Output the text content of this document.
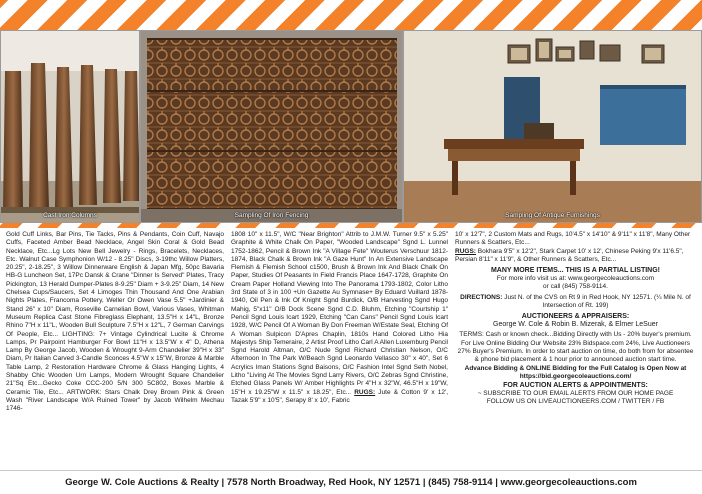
Cast Iron Columns	Sampling Of Iron Fencing	Sampling Of Antique Furnishings

Gold Cuff Links, Bar Pins, Tie Tacks, Pins & Pendants, Coin Cuff, Navajo Cuffs, Faceted Amber Bead Necklace, Angel Skin Coral & Gold Bead Necklace, Etc...Lg Lots New Bell Jewelry - Rings, Bracelets, Necklaces, Etc. Walnut Case Symphonion W/12 - 8.25" Discs, 3-19thc Willow Platters, 20.25", 2-18.25", 3 Willow Dinnerware English & Japan Mfg, 50pc Bavaria HB-G Luncheon Set, 17Pc Dansk & Crane "Dinner Is Served" Plates, Tracy Pickington, 13 Herald Dumper-Plates 8-9.25" Diam + 3-9.25" Diam, 14 New Chelsea Cups/Saucers, Set 4 Limoges Thin Thousand And One Arabian Nights Plates, Francoma Pottery, Weller Or Owen Vase 5.5" +Jardinier & Stand 26" x 10" Diam, Roseville Carnelian Bowl, Various Vases, Whitman Museum Replica Cast Stone Fibreglass Elephant, 13.5"H x 14"L, Bronze Rhino 7"H x 11"L, Wooden Bull Sculpture 7.5"H x 12"L, 7 German Carvings Of People, Etc... LIGHTING: 7+ Vintage Cylindrical Lucite & Chrome Lamps, Pr Pairpoint Hamburger For Bowl 11"H x 13.5"W x 4" D, Athena Lamp By George Jacob, Wooden & Wrought 9-Arm Chandelier 39"H x 33" Diam, Pr Italian Carved 3-Candle Sconces 4.5"W x 15"W, Bronze & Marble Table Lamp, 2 Restoration Hardware Chrome & Glass Hanging Lights, 4 Shabby Chic Wooden Urn Lamps, Modern Wrought Square Chandelier 21"Sq Etc...Gecko Coke CCC-200 5/N 300 5C802, Boxes Marble & Ceramic Tile, Etc... ARTWORK: Stars Chalk Drey Brown Pink & Green Wash "River Landscape W/A Ruined Tower" by Jacob Wilhelm Mechau 1746-

1808 10" x 11.5", W/C "Near Brighton" Attrib to J.M.W. Turner 9.5" x 5.25" Graphite & White Chalk On Paper, "Wooded Landscape" Sgnd L. Lunnel 1752-1862, Pencil & Brown Ink "A Village Fete" Wouterus Verschuur 1812-1874, Black Chalk & Brown Ink "A Gaze Hunt" In An Extensive Landscape Flemish & Flemish School c1500, Brush & Brown Ink And Black Chalk On Paper, Studies Of Peasants In Field Francis Place 1647-1728, Graphite On Cream Paper Holland Viewing Into The Panorama 1793-1802, Color Litho 3rd State of 3 in 100 +Un Gazette Au Symnase+ By Eduard Vuillard 1878-1940, Oil Pen & Ink Of Knight Sgnd Burdick, O/B Harvesting Sgnd Hugo Mahig, 5"x11" O/B Dock Scene Sgnd C.D. Bluhm, Etching "Courtship 1" Pencil Sgnd Louis Icart 1929, Etching "Can Cans" Pencil Sgnd Louis Icart 1928, W/C Pencil Of A Woman By Don Freeman W/Estate Seal, Etching Of A Woman Sulpicon D'Apres Chaplin, 1810s Hand Colored Litho Hia Majestys Ship Temeraire, 2 Artist Proof Litho Carl A Allen Luxemburg Pencil Sgnd Harold Altman, O/C Nude Sgnd Richard Christian Nelson, O/C Afternoon In The Park W/Beach Sgnd Leonardo Vellasco 30" x 40", Set 6 Acrylics Iman Stations Sgnd Baisons, O/C Fashion Intel Sgnd Seth Nobel, Litho "Living At The Movies Sgnd Larry Rivers, O/C Zebras Sgnd Christine, Etched Glass Panels W/ Amber Highlights Pr 4"H x 32"W, 46.5"H x 19"W, 15"H x 19.25"W x 11.5" x 18.25", Etc... RUGS: Jute & Cotton 9' x 12', Tazak 5'9" x 10'5", Serapy 8' x 10', Fabric

10' x 12'7", 2 Custom Mats and Rugs, 10'4.5" x 14'10" & 9'11" x 11'8", Many Other Runners & Scatters, Etc...

RUGS: Bokhara 9'5" x 12'2", Stark Carpet 10' x 12', Chinese Peking 9'x 11'6.5", Persian 8'11" x 11'9", & Other Runners & Scatters, Etc...

MANY MORE ITEMS... THIS IS A PARTIAL LISTING!
For more info visit us at: www.georgecoleauctions.com
or call (845) 758-9114.

DIRECTIONS: Just N. of the CVS on Rt 9 in Red Hook, NY 12571. (¼ Mile N. of Intersection of Rt. 199)

AUCTIONEERS & APPRAISERS:
George W. Cole & Robin B. Mizerak, & Elmer LeSuer

TERMS: Cash or known check...Bidding Directly with Us - 20% buyer's premium. For Live Online Bidding Our Website 23% Bidspace.com 24%, Live Auctioneers 27% Buyer's Premium. In order to start auction on time, do both from for absentee & phone bid placement & 1 hour prior to announced auction start time.

Advance Bidding & ONLINE Bidding for the Full Catalog is Open Now at https://bid.georgecoleauctions.com/

FOR AUCTION ALERTS & APPOINTMENTS:
~ SUBSCRIBE TO OUR EMAIL ALERTS FROM OUR HOME PAGE
FOLLOW US ON LIVEAUCTIONEERS.COM / TWITTER / FB
George W. Cole Auctions & Realty | 7578 North Broadway, Red Hook, NY 12571 | (845) 758-9114 | www.georgecoleauctions.com
